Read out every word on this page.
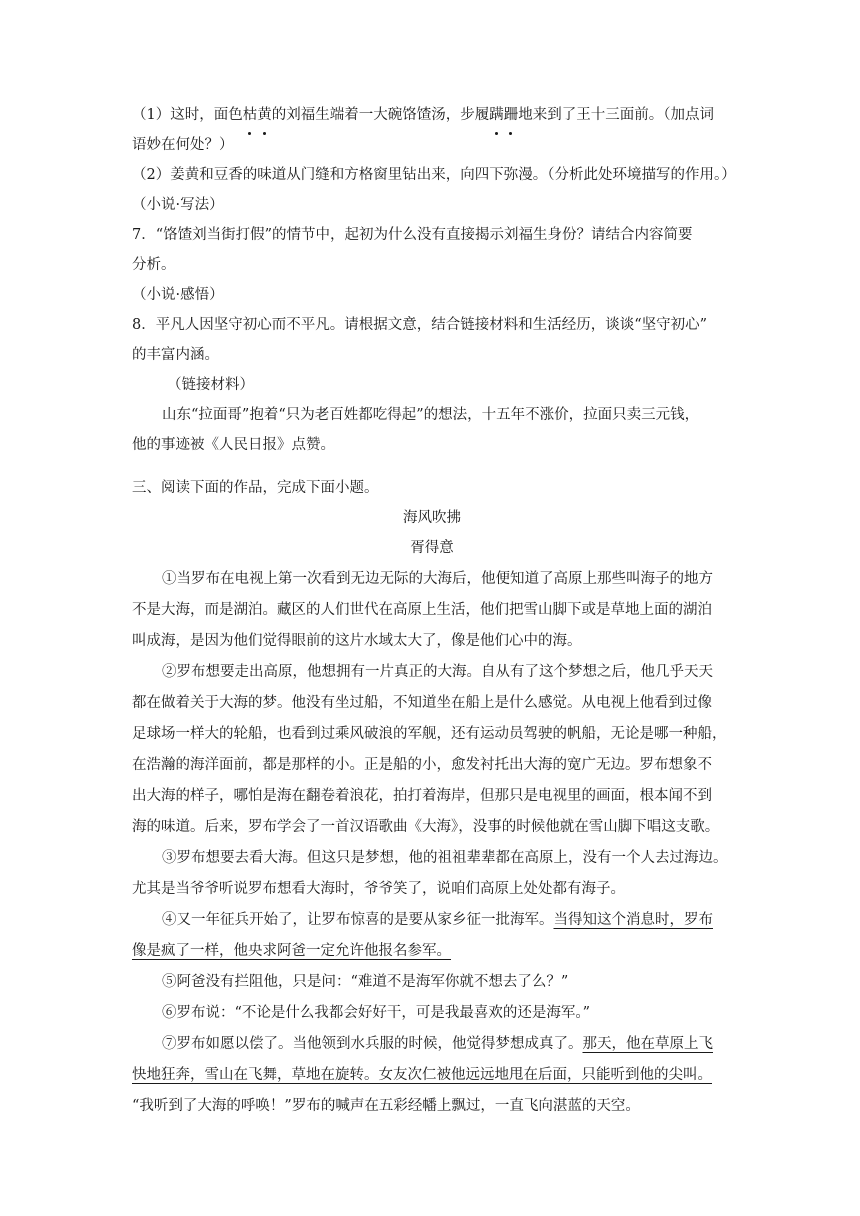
（1）这时，面色枯黄的刘福生端着一大碗饹馇汤，步履蹒跚地来到了王十三面前。（加点词
语妙在何处？）
（2）姜黄和豆香的味道从门缝和方格窗里钻出来，向四下弥漫。（分析此处环境描写的作用。）
（小说·写法）
7．“饹馇刘当街打假”的情节中，起初为什么没有直接揭示刘福生身份？请结合内容简要
分析。
（小说·感悟）
8．平凡人因坚守初心而不平凡。请根据文意，结合链接材料和生活经历，谈谈“坚守初心”
的丰富内涵。
（链接材料）
山东“拉面哥”抱着“只为老百姓都吃得起”的想法，十五年不涨价，拉面只卖三元钱，
他的事迹被《人民日报》点赞。
三、阅读下面的作品，完成下面小题。
海风吹拂
胥得意
①当罗布在电视上第一次看到无边无际的大海后，他便知道了高原上那些叫海子的地方
不是大海，而是湖泊。藏区的人们世代在高原上生活，他们把雪山脚下或是草地上面的湖泊
叫成海，是因为他们觉得眼前的这片水域太大了，像是他们心中的海。
②罗布想要走出高原，他想拥有一片真正的大海。自从有了这个梦想之后，他几乎天天
都在做着关于大海的梦。他没有坐过船，不知道坐在船上是什么感觉。从电视上他看到过像
足球场一样大的轮船，也看到过乘风破浪的军舰，还有运动员驾驶的帆船，无论是哪一种船，
在浩瀚的海洋面前，都是那样的小。正是船的小，愈发衬托出大海的宽广无边。罗布想象不
出大海的样子，哪怕是海在翻卷着浪花，拍打着海岸，但那只是电视里的画面，根本闻不到
海的味道。后来，罗布学会了一首汉语歌曲《大海》，没事的时候他就在雪山脚下唱这支歌。
③罗布想要去看大海。但这只是梦想，他的祖祖辈辈都在高原上，没有一个人去过海边。
尤其是当爷爷听说罗布想看大海时，爷爷笑了，说咱们高原上处处都有海子。
④又一年征兵开始了，让罗布惊喜的是要从家乡征一批海军。当得知这个消息时，罗布
像是疯了一样，他央求阿爸一定允许他报名参军。
⑤阿爸没有拦阻他，只是问：“难道不是海军你就不想去了么？”
⑥罗布说：“不论是什么我都会好好干，可是我最喜欢的还是海军。”
⑦罗布如愿以偿了。当他领到水兵服的时候，他觉得梦想成真了。那天，他在草原上飞
快地狂奔，雪山在飞舞，草地在旋转。女友次仁被他远远地甩在后面，只能听到他的尖叫。
“我听到了大海的呼唤！”罗布的喊声在五彩经幡上飘过，一直飞向湛蓝的天空。
